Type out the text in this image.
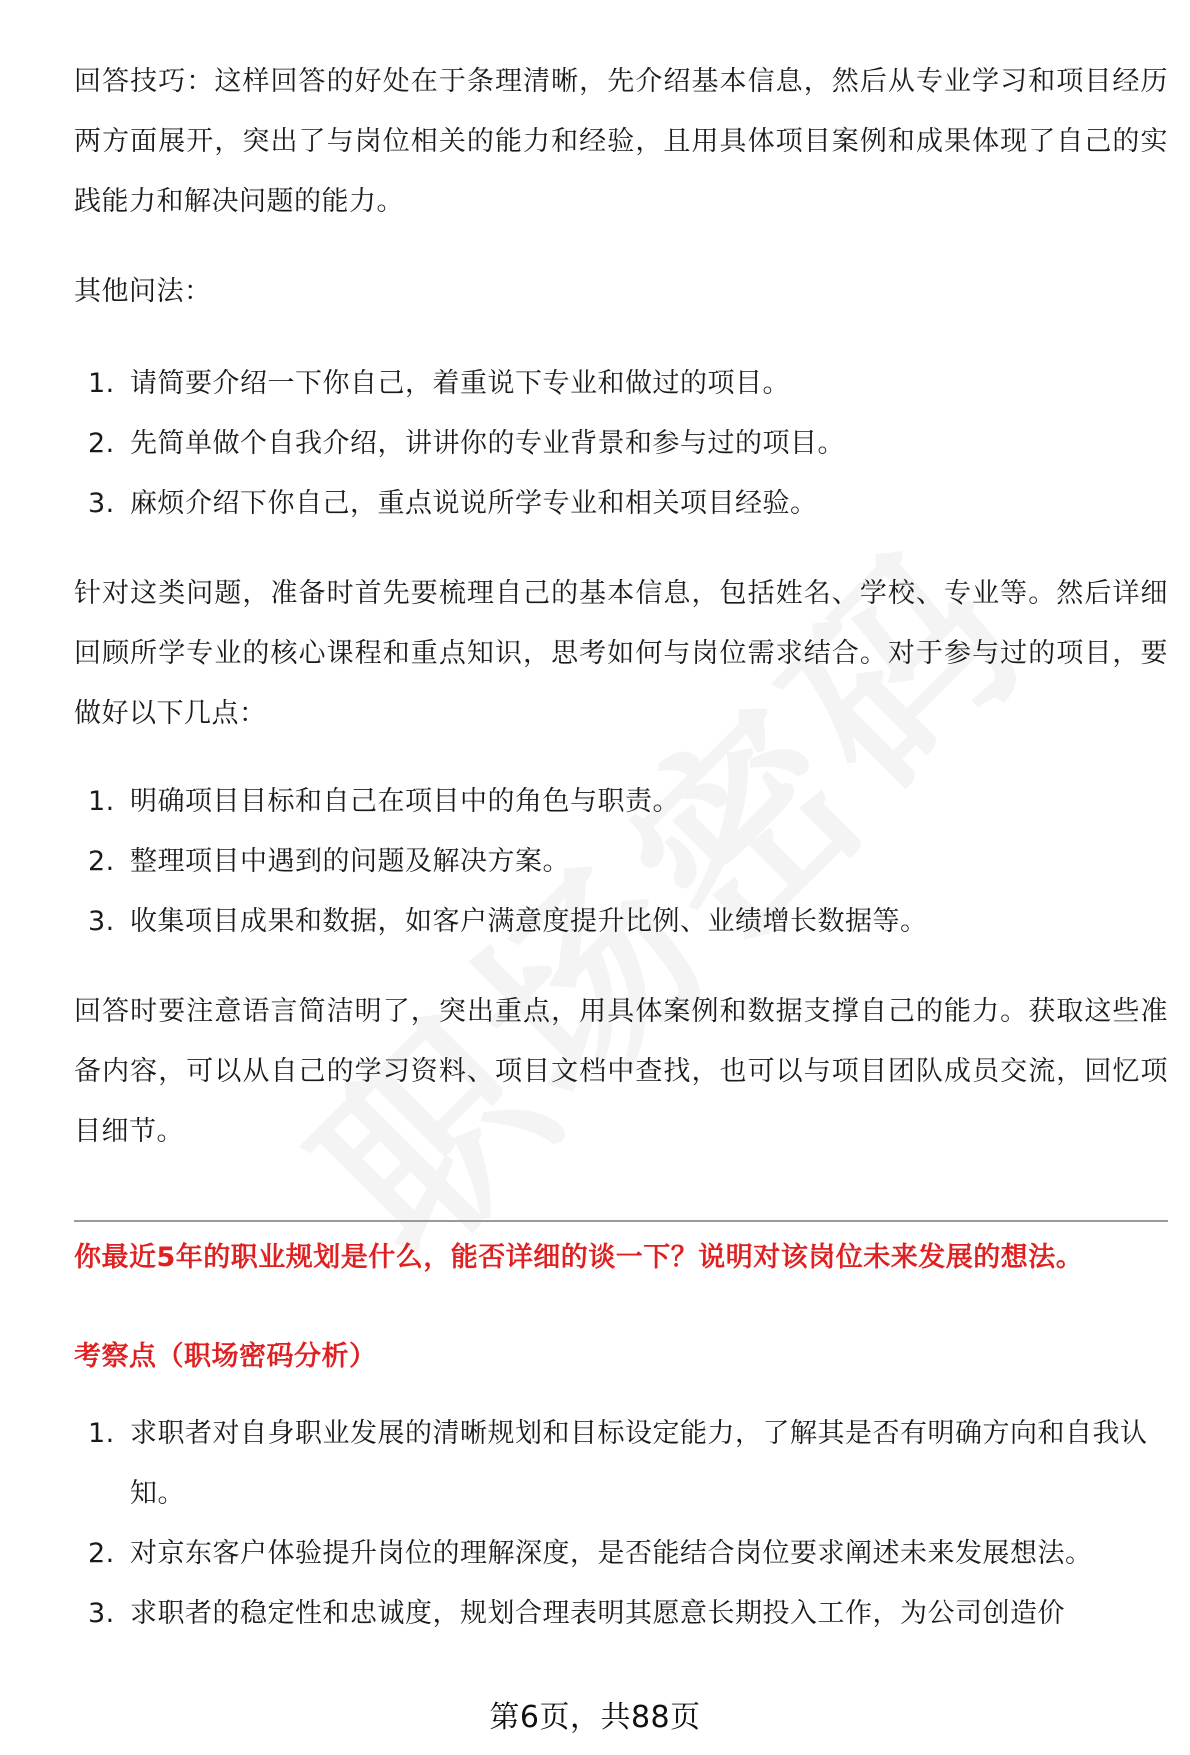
回答技巧：这样回答的好处在于条理清晰，先介绍基本信息，然后从专业学习和项目经历两方面展开，突出了与岗位相关的能力和经验，且用具体项目案例和成果体现了自己的实践能力和解决问题的能力。

其他问法：

1. 请简要介绍一下你自己，着重说下专业和做过的项目。
2. 先简单做个自我介绍，讲讲你的专业背景和参与过的项目。
3. 麻烦介绍下你自己，重点说说所学专业和相关项目经验。

针对这类问题，准备时首先要梳理自己的基本信息，包括姓名、学校、专业等。然后详细回顾所学专业的核心课程和重点知识，思考如何与岗位需求结合。对于参与过的项目，要做好以下几点：

1. 明确项目目标和自己在项目中的角色与职责。
2. 整理项目中遇到的问题及解决方案。
3. 收集项目成果和数据，如客户满意度提升比例、业绩增长数据等。

回答时要注意语言简洁明了，突出重点，用具体案例和数据支撑自己的能力。获取这些准备内容，可以从自己的学习资料、项目文档中查找，也可以与项目团队成员交流，回忆项目细节。

你最近5年的职业规划是什么，能否详细的谈一下？说明对该岗位未来发展的想法。

考察点（职场密码分析）

1. 求职者对自身职业发展的清晰规划和目标设定能力，了解其是否有明确方向和自我认知。
2. 对京东客户体验提升岗位的理解深度，是否能结合岗位要求阐述未来发展想法。
3. 求职者的稳定性和忠诚度，规划合理表明其愿意长期投入工作，为公司创造价
第6页，共88页
